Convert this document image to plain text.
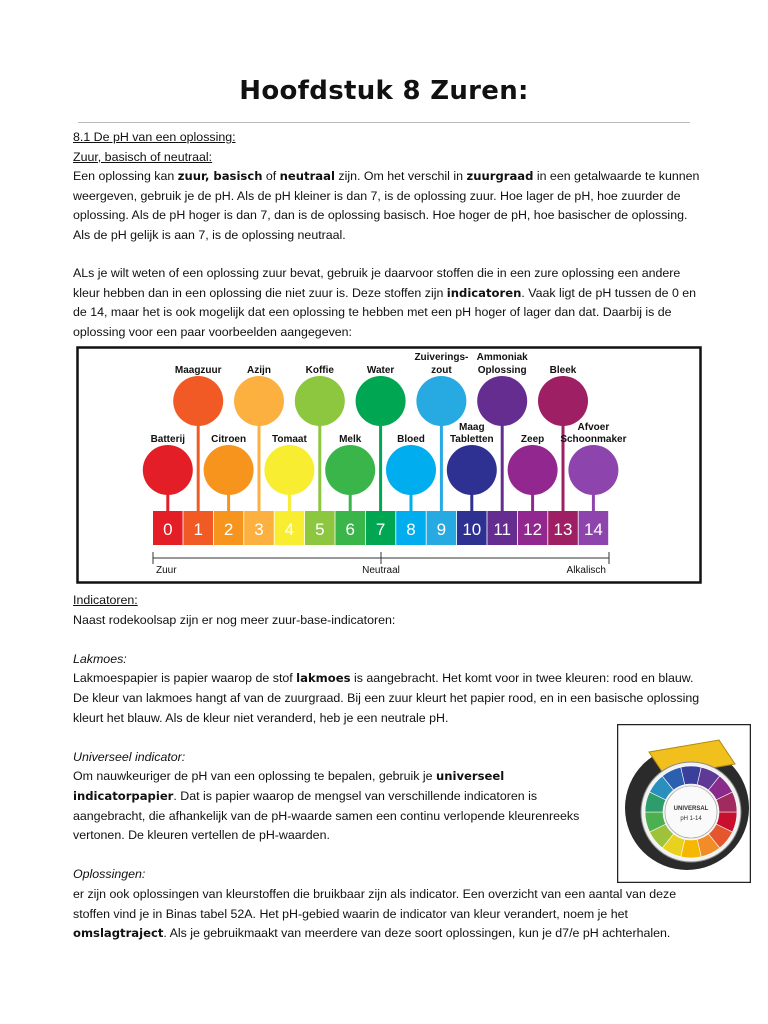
Hoofdstuk 8 Zuren:

8.1 De pH van een oplossing:

Zuur, basisch of neutraal:

Een oplossing kan zuur, basisch of neutraal zijn. Om het verschil in zuurgraad in een getalwaarde te kunnen weergeven, gebruik je de pH. Als de pH kleiner is dan 7, is de oplossing zuur. Hoe lager de pH, hoe zuurder de oplossing. Als de pH hoger is dan 7, dan is de oplossing basisch. Hoe hoger de pH, hoe basischer de oplossing. Als de pH gelijk is aan 7, is de oplossing neutraal.

ALs je wilt weten of een oplossing zuur bevat, gebruik je daarvoor stoffen die in een zure oplossing een andere kleur hebben dan in een oplossing die niet zuur is. Deze stoffen zijn indicatoren. Vaak ligt de pH tussen de 0 en de 14, maar het is ook mogelijk dat een oplossing te hebben met een pH hoger of lager dan dat. Daarbij is de oplossing voor een paar voorbeelden aangegeven:

0 1 2 3 4 5 6 7 8 9 10 11 12 13 14
Zuur	Neutraal	Alkalisch
Maagzuur	Azijn	Koffie	Water
Zuiverings-
zout
Ammoniak
Oplossing Bleek
Batterij	Citroen	Tomaat	Melk	Bloed
Maag
Tabletten	Zeep
Afvoer
Schoonmaker

Indicatoren:

Naast rodekoolsap zijn er nog meer zuur-base-indicatoren:

Lakmoes:

Lakmoespapier is papier waarop de stof lakmoes is aangebracht. Het komt voor in twee kleuren: rood en blauw. De kleur van lakmoes hangt af van de zuurgraad. Bij een zuur kleurt het papier rood, en in een basische oplossing kleurt het blauw. Als de kleur niet veranderd, heb je een neutrale pH.

Universeel indicator:

Om nauwkeuriger de pH van een oplossing te bepalen, gebruik je universeel indicatorpapier. Dat is papier waarop de mengsel van verschillende indicatoren is aangebracht, die afhankelijk van de pH-waarde samen een continu verlopende kleurenreeks vertonen. De kleuren vertellen de pH-waarden.

Oplossingen:

er zijn ook oplossingen van kleurstoffen die bruikbaar zijn als indicator. Een overzicht van een aantal van deze stoffen vind je in Binas tabel 52A. Het pH-gebied waarin de indicator van kleur verandert, noem je het omslagtraject. Als je gebruikmaakt van meerdere van deze soort oplossingen, kun je d7/e pH achterhalen.

UNIVERSAL
pH 1-14
